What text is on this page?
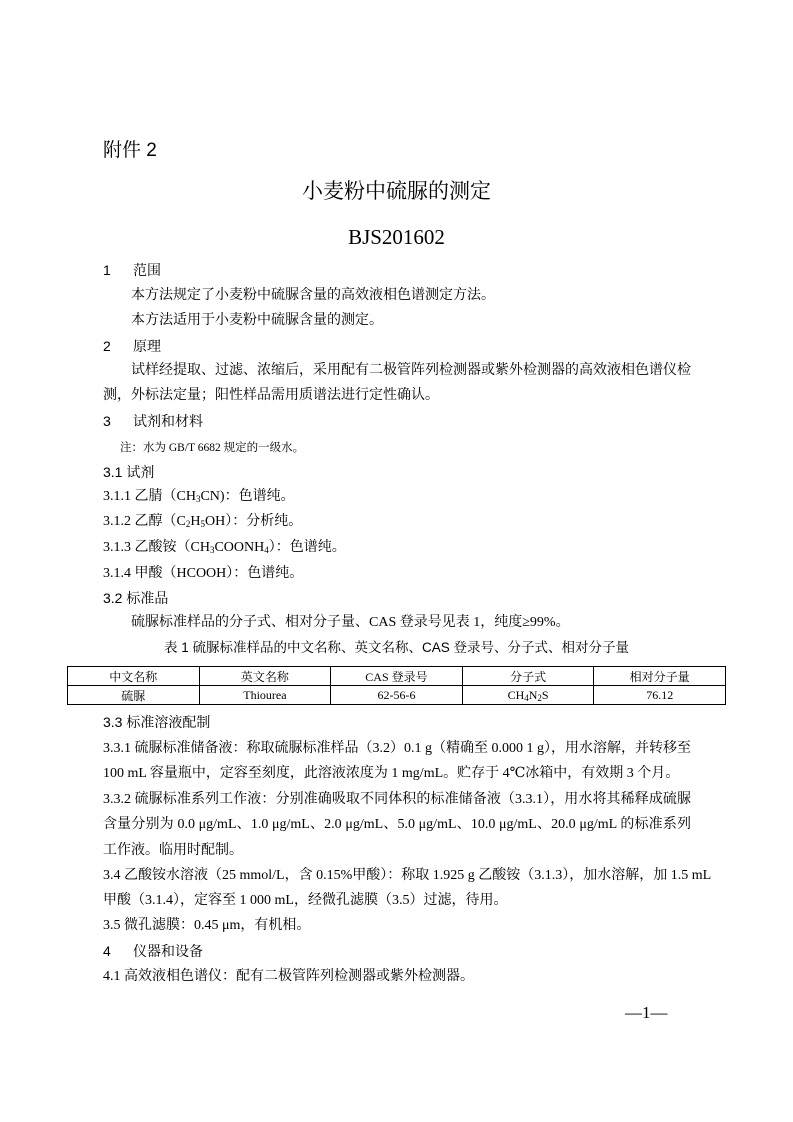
附件 2
小麦粉中硫脲的测定
BJS201602
1 范围
本方法规定了小麦粉中硫脲含量的高效液相色谱测定方法。
本方法适用于小麦粉中硫脲含量的测定。
2 原理
试样经提取、过滤、浓缩后，采用配有二极管阵列检测器或紫外检测器的高效液相色谱仪检
测，外标法定量；阳性样品需用质谱法进行定性确认。
3 试剂和材料
注：水为 GB/T 6682 规定的一级水。
3.1 试剂
3.1.1 乙腈$(CH_3CN)$：色谱纯。
3.1.2 乙醇$(C_2H_5OH)$：分析纯。
3.1.3 乙酸铵$(CH_3COONH_4)$：色谱纯。
3.1.4 甲酸（HCOOH）：色谱纯。
3.2 标准品
硫脲标准样品的分子式、相对分子量、CAS 登录号见表 1，纯度≥99%。
表 1 硫脲标准样品的中文名称、英文名称、CAS 登录号、分子式、相对分子量
中文名称	英文名称	CAS 登录号	分子式	相对分子量
硫脲	Thiourea	62-56-6	$CH_4N_2S$	76.12
3.3 标准溶液配制
3.3.1 硫脲标准储备液：称取硫脲标准样品（3.2）0.1 g（精确至 0.000 1 g），用水溶解，并转移至
100 mL 容量瓶中，定容至刻度，此溶液浓度为 1 mg/mL。贮存于 4℃冰箱中，有效期 3 个月。
3.3.2 硫脲标准系列工作液：分别准确吸取不同体积的标准储备液（3.3.1），用水将其稀释成硫脲
含量分别为 0.0 μg/mL、1.0 μg/mL、2.0 μg/mL、5.0 μg/mL、10.0 μg/mL、20.0 μg/mL 的标准系列
工作液。临用时配制。
3.4 乙酸铵水溶液（25 mmol/L，含 0.15%甲酸）：称取 1.925 g 乙酸铵（3.1.3），加水溶解，加 1.5 mL
甲酸（3.1.4），定容至 1 000 mL，经微孔滤膜（3.5）过滤，待用。
3.5 微孔滤膜：0.45 μm，有机相。
4 仪器和设备
4.1 高效液相色谱仪：配有二极管阵列检测器或紫外检测器。
—1—
